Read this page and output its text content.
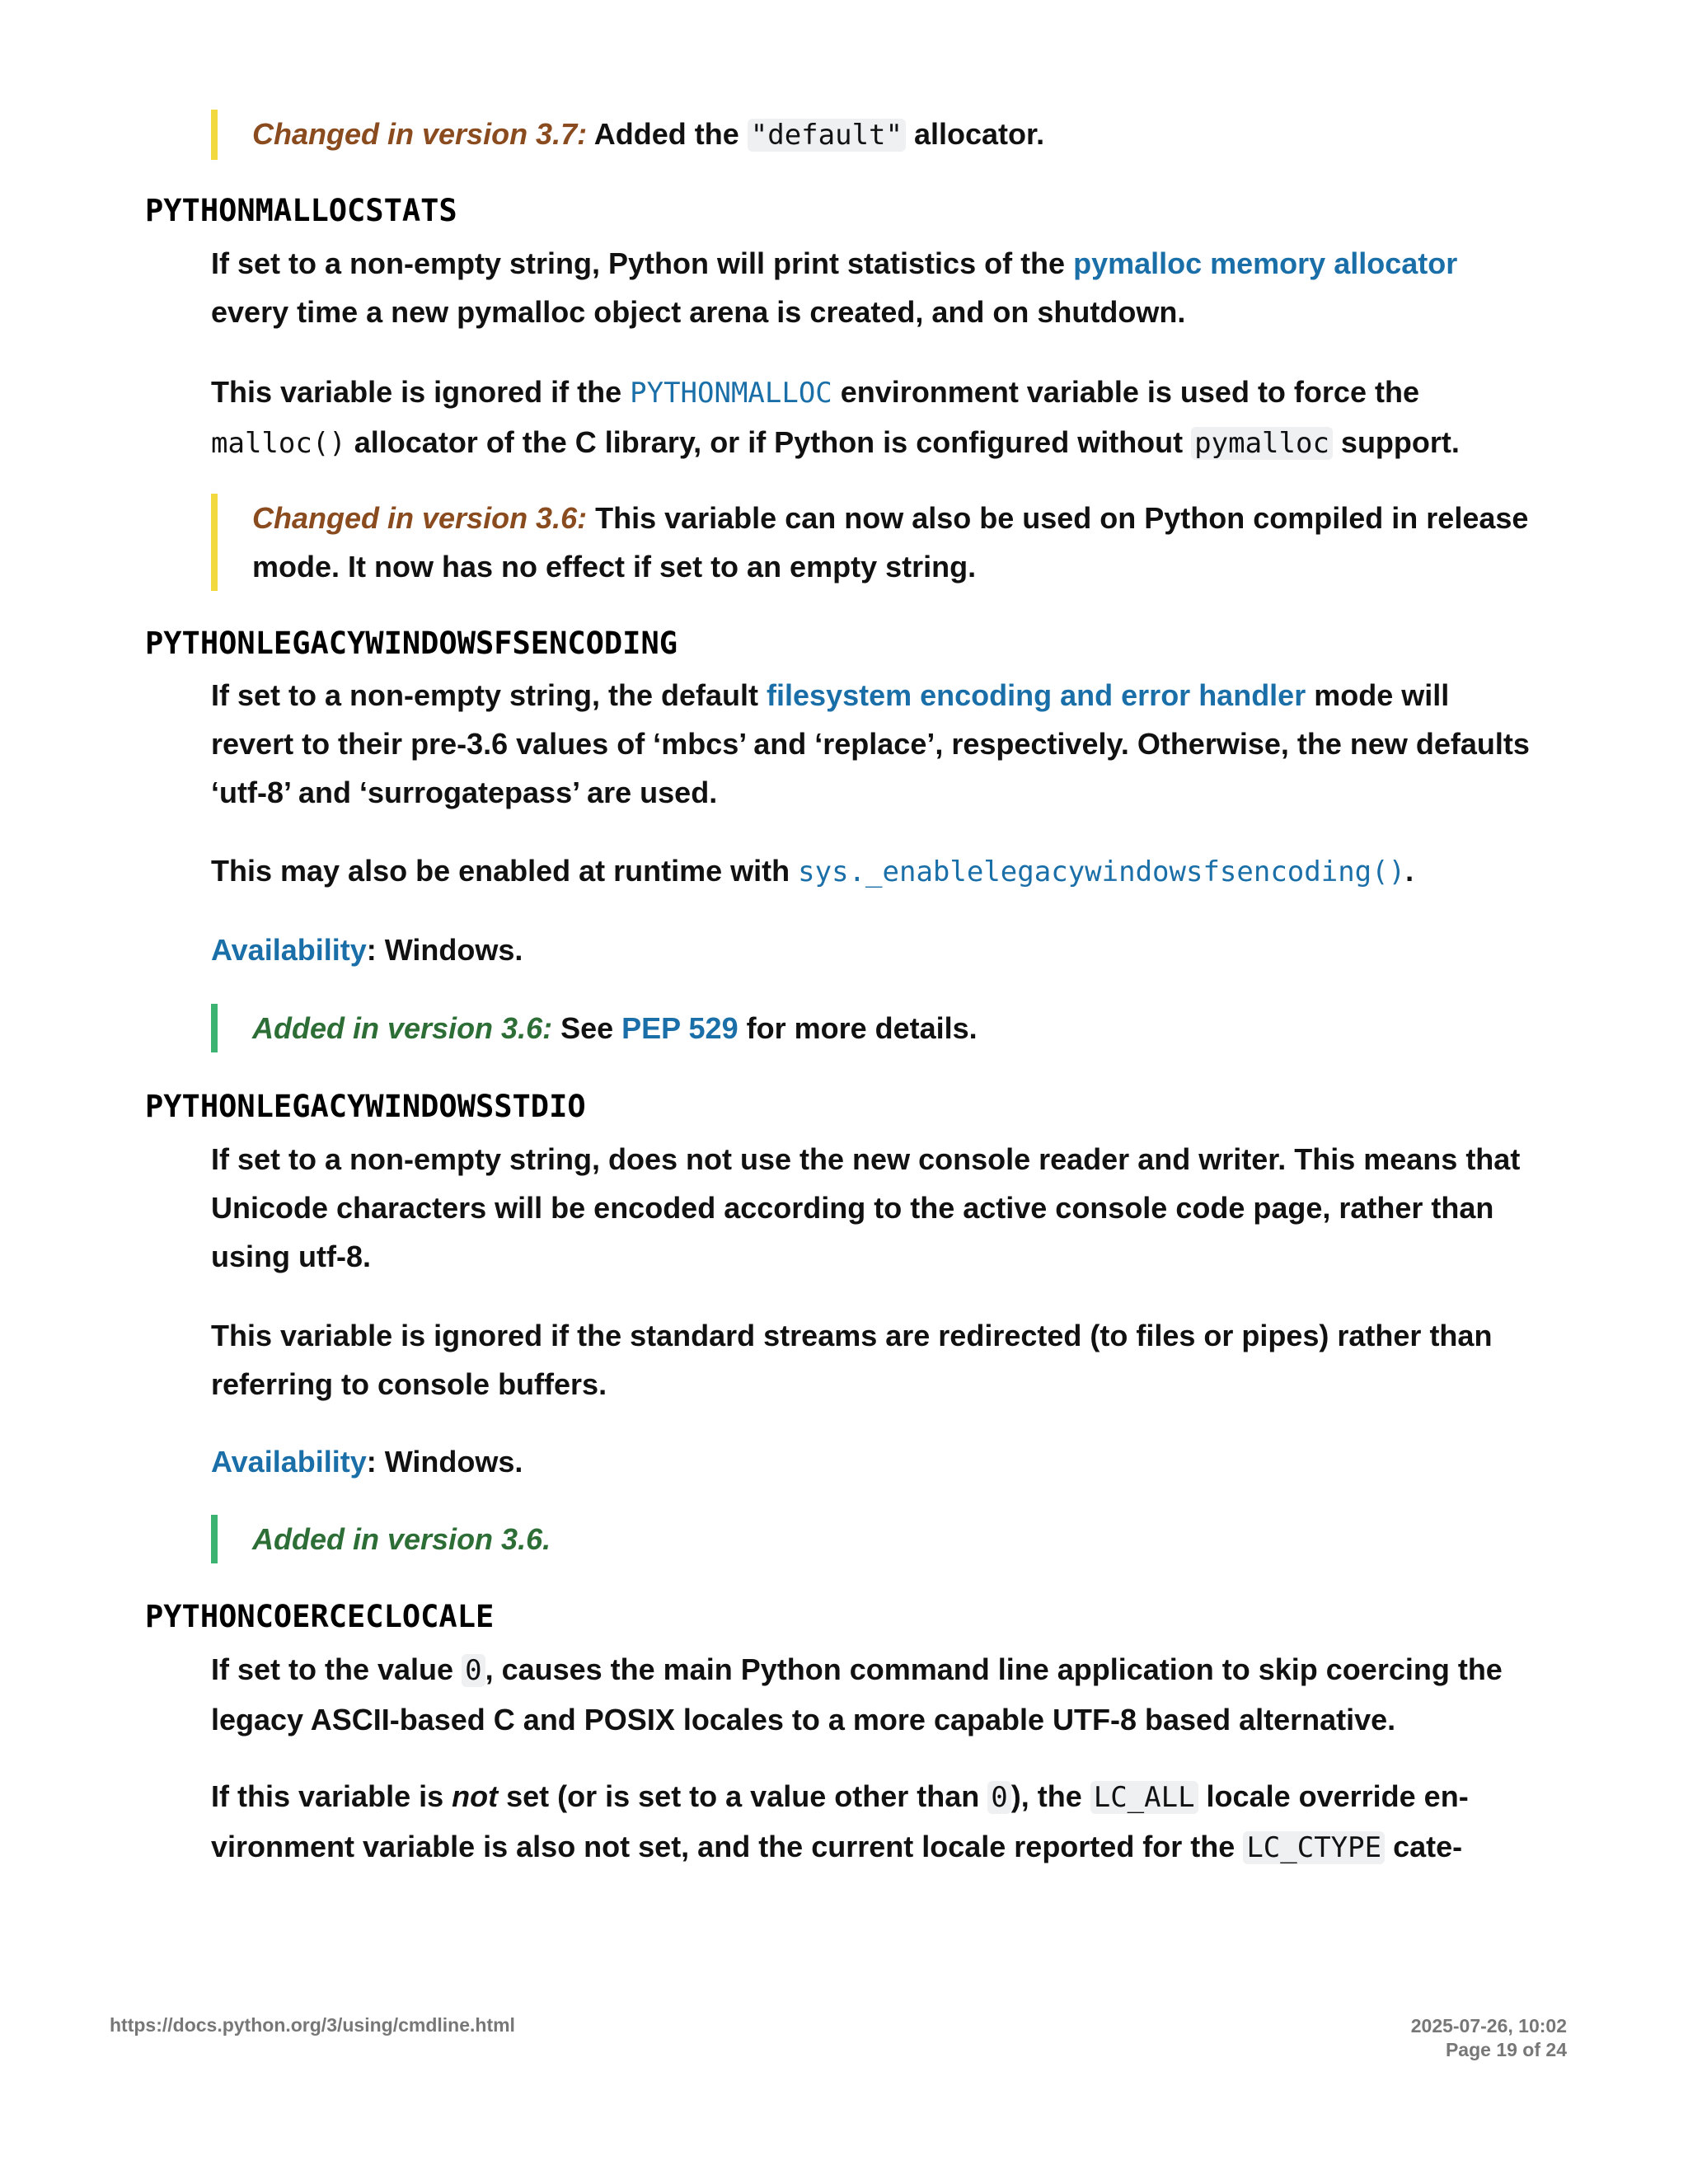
Changed in version 3.7: Added the "default" allocator.
PYTHONMALLOCSTATS
If set to a non-empty string, Python will print statistics of the pymalloc memory allocator every time a new pymalloc object arena is created, and on shutdown.
This variable is ignored if the PYTHONMALLOC environment variable is used to force the malloc() allocator of the C library, or if Python is configured without pymalloc support.
Changed in version 3.6: This variable can now also be used on Python compiled in release mode. It now has no effect if set to an empty string.
PYTHONLEGACYWINDOWSFSENCODING
If set to a non-empty string, the default filesystem encoding and error handler mode will revert to their pre-3.6 values of ‘mbcs’ and ‘replace’, respectively. Otherwise, the new defaults ‘utf-8’ and ‘surrogatepass’ are used.
This may also be enabled at runtime with sys._enablelegacywindowsfsencoding().
Availability: Windows.
Added in version 3.6: See PEP 529 for more details.
PYTHONLEGACYWINDOWSSTDIO
If set to a non-empty string, does not use the new console reader and writer. This means that Unicode characters will be encoded according to the active console code page, rather than using utf-8.
This variable is ignored if the standard streams are redirected (to files or pipes) rather than referring to console buffers.
Availability: Windows.
Added in version 3.6.
PYTHONCOERCECLOCALE
If set to the value 0 , causes the main Python command line application to skip coercing the legacy ASCII-based C and POSIX locales to a more capable UTF-8 based alternative.
If this variable is not set (or is set to a value other than 0 ), the LC_ALL locale override en- vironment variable is also not set, and the current locale reported for the LC_CTYPE cate-
https://docs.python.org/3/using/cmdline.html	2025-07-26, 10:02
Page 19 of 24
